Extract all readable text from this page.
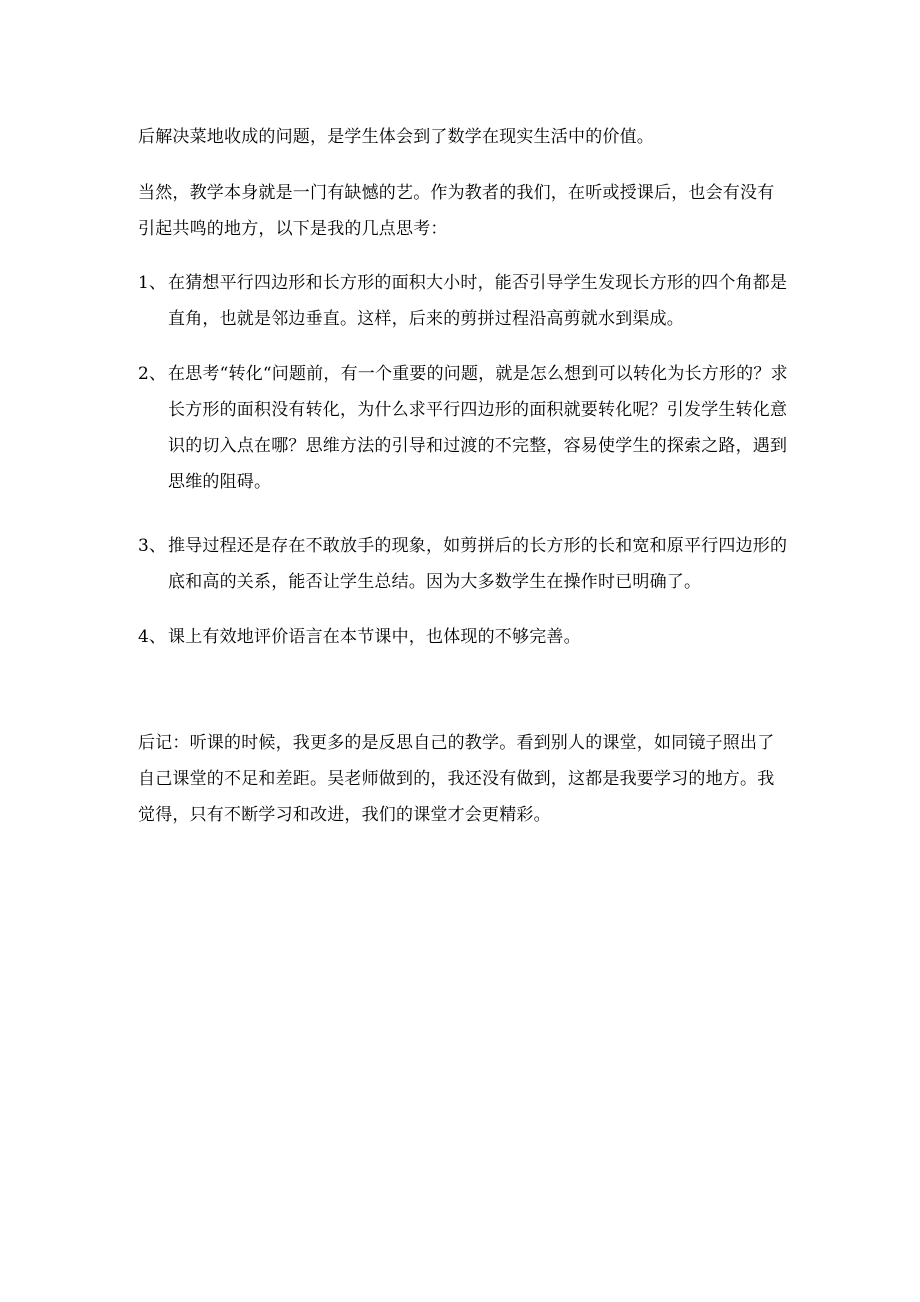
后解决菜地收成的问题，是学生体会到了数学在现实生活中的价值。

当然，教学本身就是一门有缺憾的艺。作为教者的我们，在听或授课后，也会有没有引起共鸣的地方，以下是我的几点思考：

1、 在猜想平行四边形和长方形的面积大小时，能否引导学生发现长方形的四个角都是直角，也就是邻边垂直。这样，后来的剪拼过程沿高剪就水到渠成。
2、 在思考“转化“问题前，有一个重要的问题，就是怎么想到可以转化为长方形的？求长方形的面积没有转化，为什么求平行四边形的面积就要转化呢？引发学生转化意识的切入点在哪？思维方法的引导和过渡的不完整，容易使学生的探索之路，遇到思维的阻碍。
3、 推导过程还是存在不敢放手的现象，如剪拼后的长方形的长和宽和原平行四边形的底和高的关系，能否让学生总结。因为大多数学生在操作时已明确了。
4、 课上有效地评价语言在本节课中，也体现的不够完善。

后记：听课的时候，我更多的是反思自己的教学。看到别人的课堂，如同镜子照出了自己课堂的不足和差距。吴老师做到的，我还没有做到，这都是我要学习的地方。我觉得，只有不断学习和改进，我们的课堂才会更精彩。
